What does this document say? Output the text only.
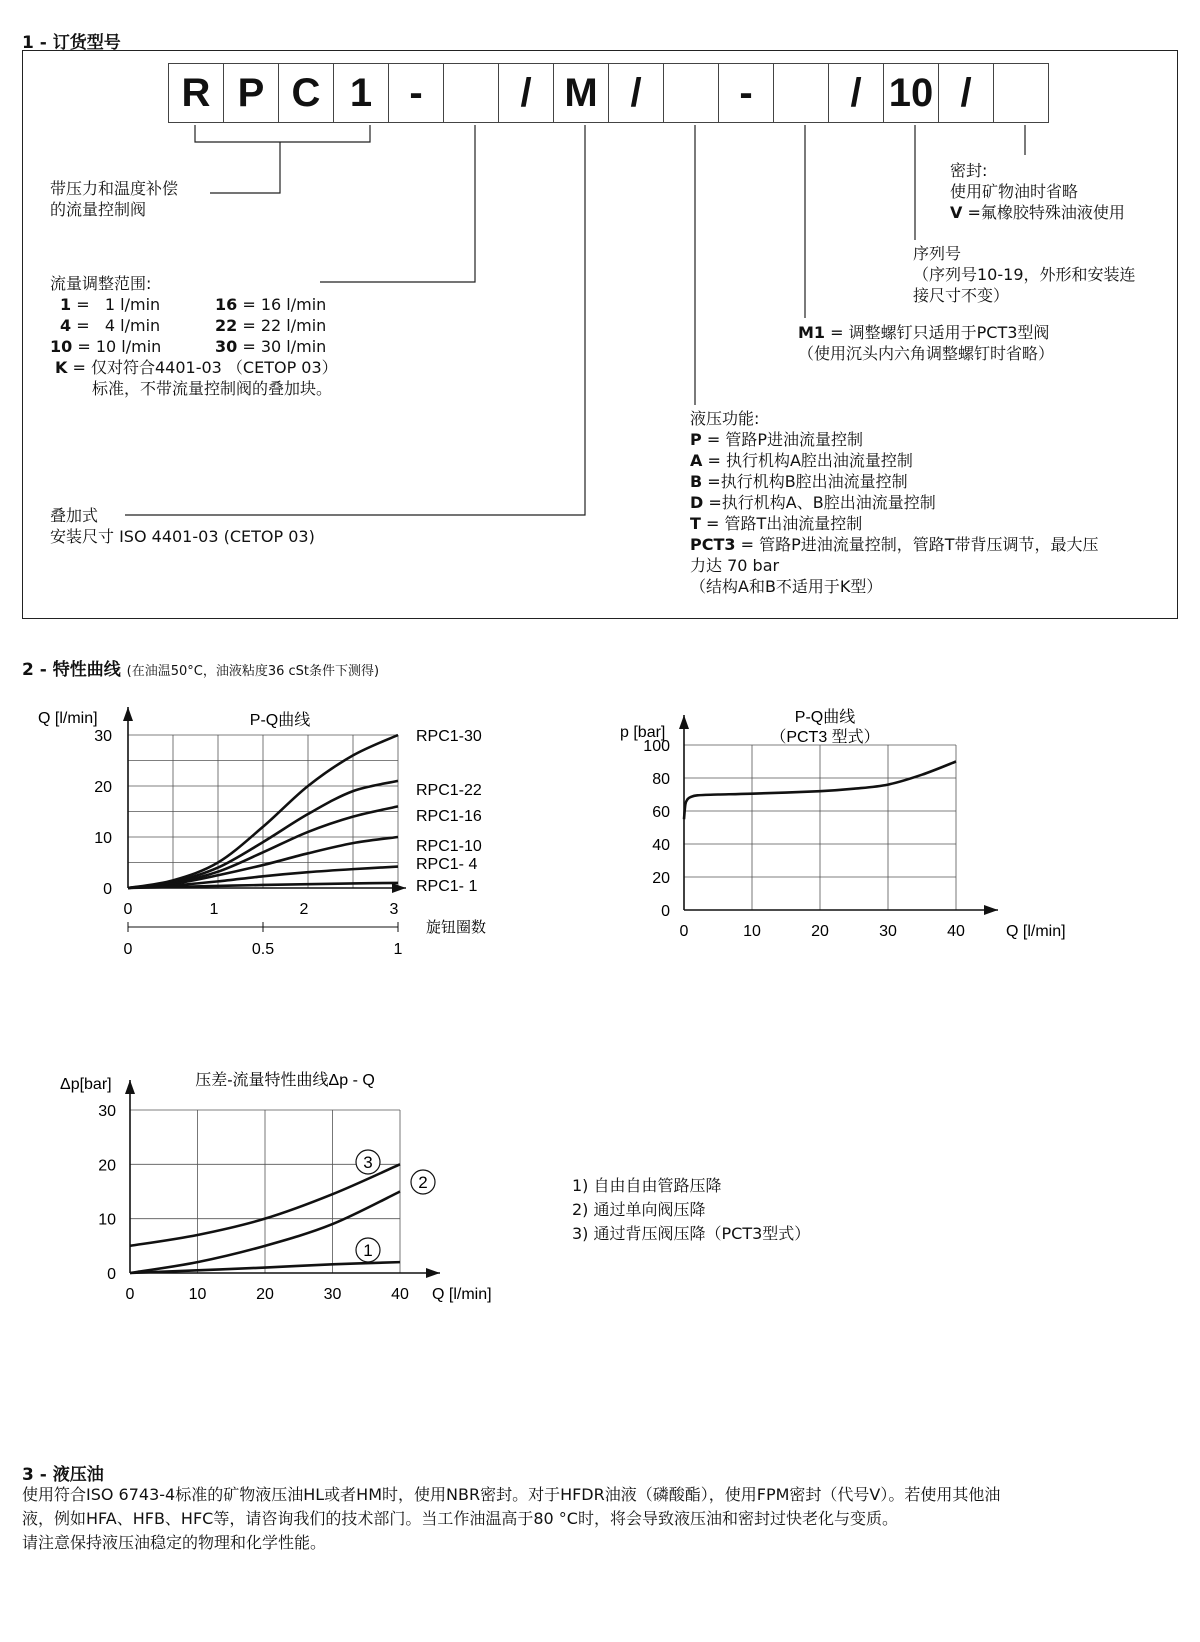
1 - 订货型号
R P C 1 -	/ M /	-	/ 10 /
带压力和温度补偿
的流量控制阀
流量调整范围:
1 =   1 l/min
4 =   4 l/min
10 = 10 l/min
16 = 16 l/min
22 = 22 l/min
30 = 30 l/min
K = 仅对符合4401-03 （CETOP 03）
标准，不带流量控制阀的叠加块。
叠加式
安装尺寸 ISO 4401-03 (CETOP 03)
密封:
使用矿物油时省略
V =氟橡胶特殊油液使用
序列号
（序列号10-19，外形和安装连
接尺寸不变）
M1 = 调整螺钉只适用于PCT3型阀
（使用沉头内六角调整螺钉时省略）
液压功能:
P = 管路P进油流量控制
A = 执行机构A腔出油流量控制
B =执行机构B腔出油流量控制
D =执行机构A、B腔出油流量控制
T = 管路T出油流量控制
PCT3 = 管路P进油流量控制，管路T带背压调节，最大压
力达 70 bar
（结构A和B不适用于K型）
2 - 特性曲线 (在油温50°C，油液粘度36 cSt条件下测得)
Q [l/min]	P-Q曲线
0
10
20
30
0	1	2	3
0	0.5	1
旋钮圈数
RPC1-30
RPC1-22
RPC1-16
RPC1-10
RPC1- 4
RPC1- 1
P-Q曲线
（PCT3 型式）
p [bar]
0
20
40
60
80
100
0	10	20	30	40	Q [l/min]
压差-流量特性曲线Δp - Q
Δp[bar]
0
10
20
30
0	10	20	30	40 Q [l/min]
1
2
3
1) 自由自由管路压降
2) 通过单向阀压降
3) 通过背压阀压降（PCT3型式）
3 - 液压油
使用符合ISO 6743-4标准的矿物液压油HL或者HM时，使用NBR密封。对于HFDR油液（磷酸酯），使用FPM密封（代号V）。若使用其他油
液，例如HFA、HFB、HFC等，请咨询我们的技术部门。当工作油温高于80 °C时，将会导致液压油和密封过快老化与变质。
请注意保持液压油稳定的物理和化学性能。
